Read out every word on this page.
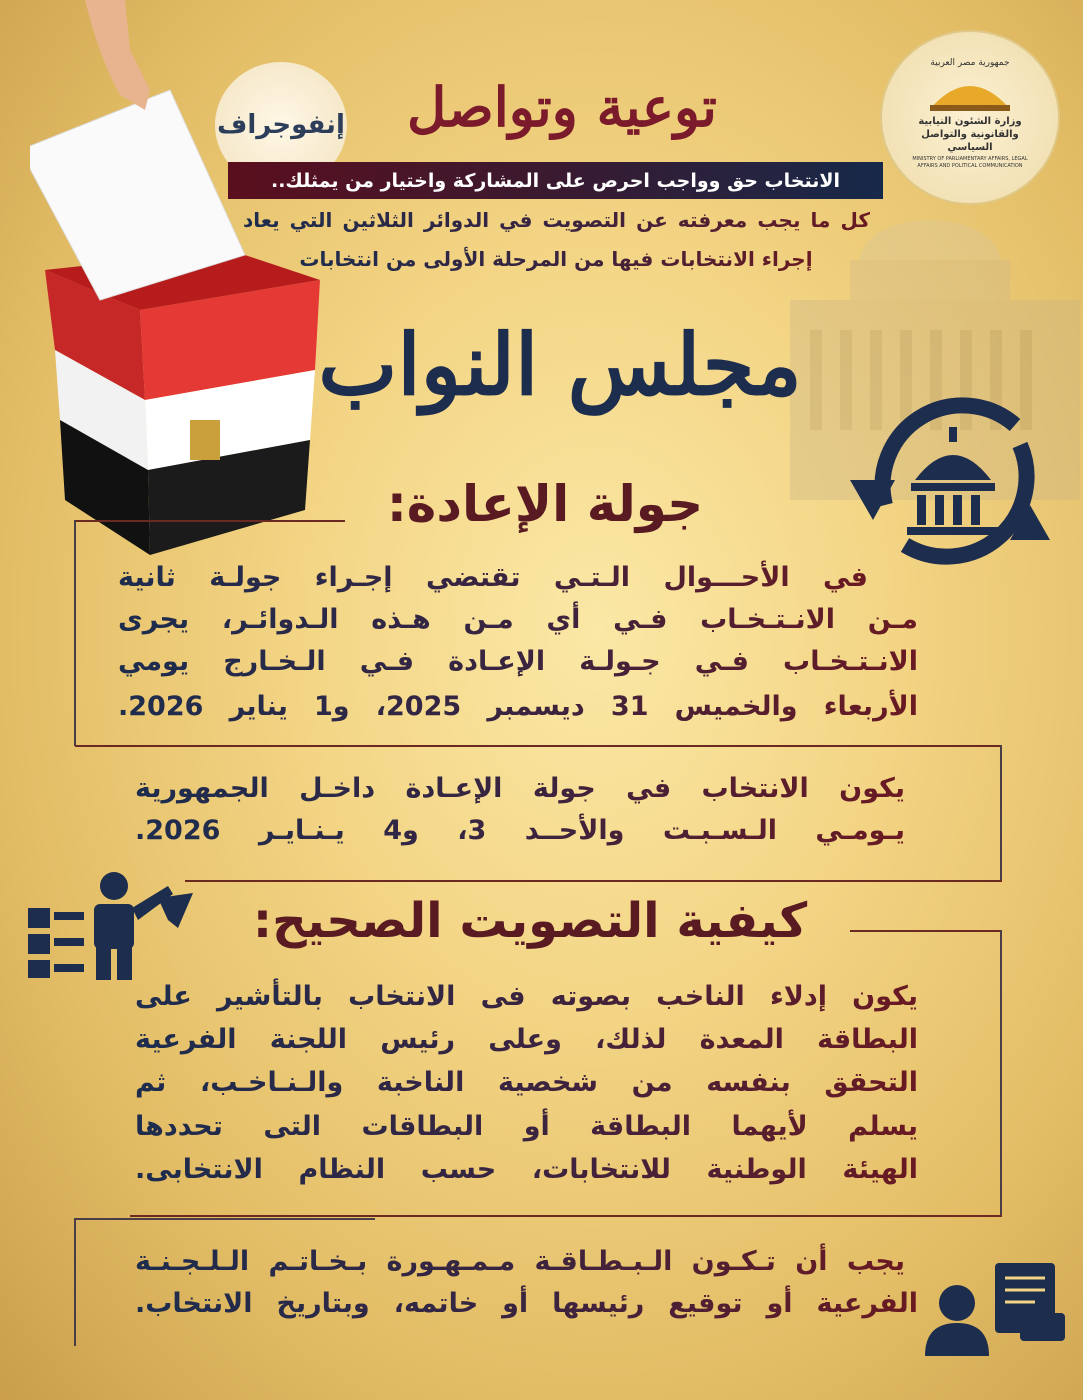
إنفوجراف	توعية وتواصل
جمهورية مصر العربية
وزارة الشئون النيابية والقانونية والتواصل السياسي
MINISTRY OF PARLIAMENTARY AFFAIRS, LEGAL AFFAIRS AND POLITICAL COMMUNICATION
الانتخاب حق وواجب احرص على المشاركة واختيار من يمثلك..
كل ما يجب معرفته عن التصويت في الدوائر الثلاثين التي يعاد
إجراء الانتخابات فيها من المرحلة الأولى من انتخابات
مجلس النواب
جولة الإعادة:
في الأحـــوال الـتـي تقتضي إجـراء جولـة ثانية
مـن الانـتـخـاب فـي أي مـن هـذه الـدوائـر، يجرى
الانـتـخـاب فـي جـولـة الإعـادة فـي الـخـارج يومي
الأربعاء والخميس 31 ديسمبر 2025، و1 يناير 2026.
يكون الانتخاب في جولة الإعـادة داخـل الجمهورية
يـومـي الـسـبـت والأحــد 3، و4 يـنـايـر 2026.
كيفية التصويت الصحيح:
يكون إدلاء الناخب بصوته فى الانتخاب بالتأشير على
البطاقة المعدة لذلك، وعلى رئيس اللجنة الفرعية
التحقق بنفسه من شخصية الناخبة والـنـاخـب، ثم
يسلم لأيهما البطاقة أو البطاقات التى تحددها
الهيئة الوطنية للانتخابات، حسب النظام الانتخابى.
يجب أن تـكـون الـبـطـاقـة مـمـهـورة بـخـاتـم الـلـجـنـة
الفرعية أو توقيع رئيسها أو خاتمه، وبتاريخ الانتخاب.
